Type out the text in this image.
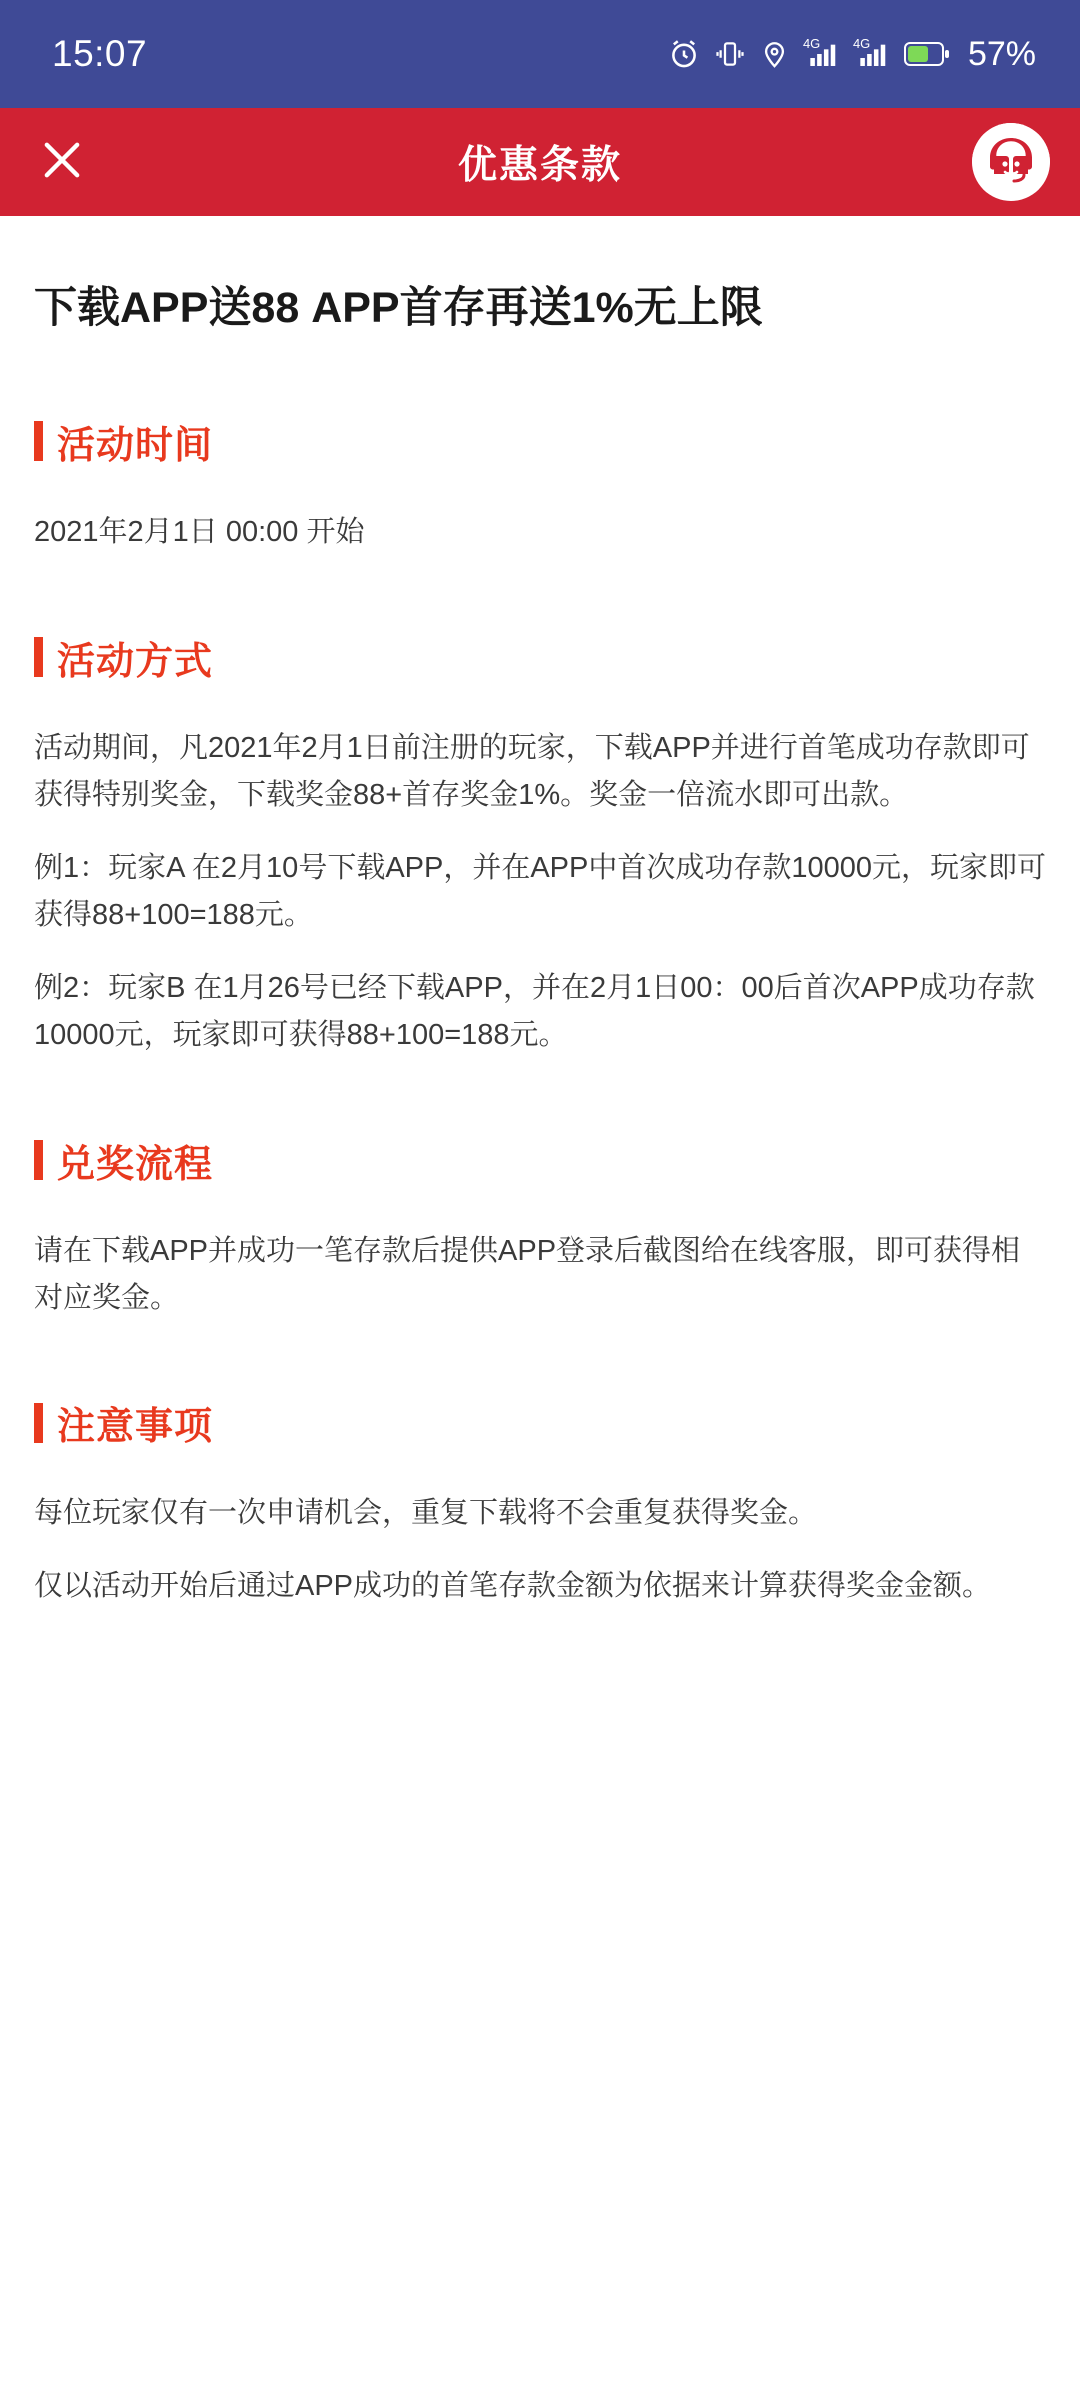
15:07	4G	4G	57%
优惠条款
下载APP送88 APP首存再送1%无上限
活动时间

2021年2月1日 00:00 开始

活动方式

活动期间，凡2021年2月1日前注册的玩家，下载APP并进行首笔成功存款即可获得特别奖金，下载奖金88+首存奖金1%。奖金一倍流水即可出款。

例1：玩家A 在2月10号下载APP，并在APP中首次成功存款10000元，玩家即可获得88+100=188元。

例2：玩家B 在1月26号已经下载APP，并在2月1日00：00后首次APP成功存款10000元，玩家即可获得88+100=188元。

兑奖流程

请在下载APP并成功一笔存款后提供APP登录后截图给在线客服，即可获得相对应奖金。

注意事项

每位玩家仅有一次申请机会，重复下载将不会重复获得奖金。

仅以活动开始后通过APP成功的首笔存款金额为依据来计算获得奖金金额。
